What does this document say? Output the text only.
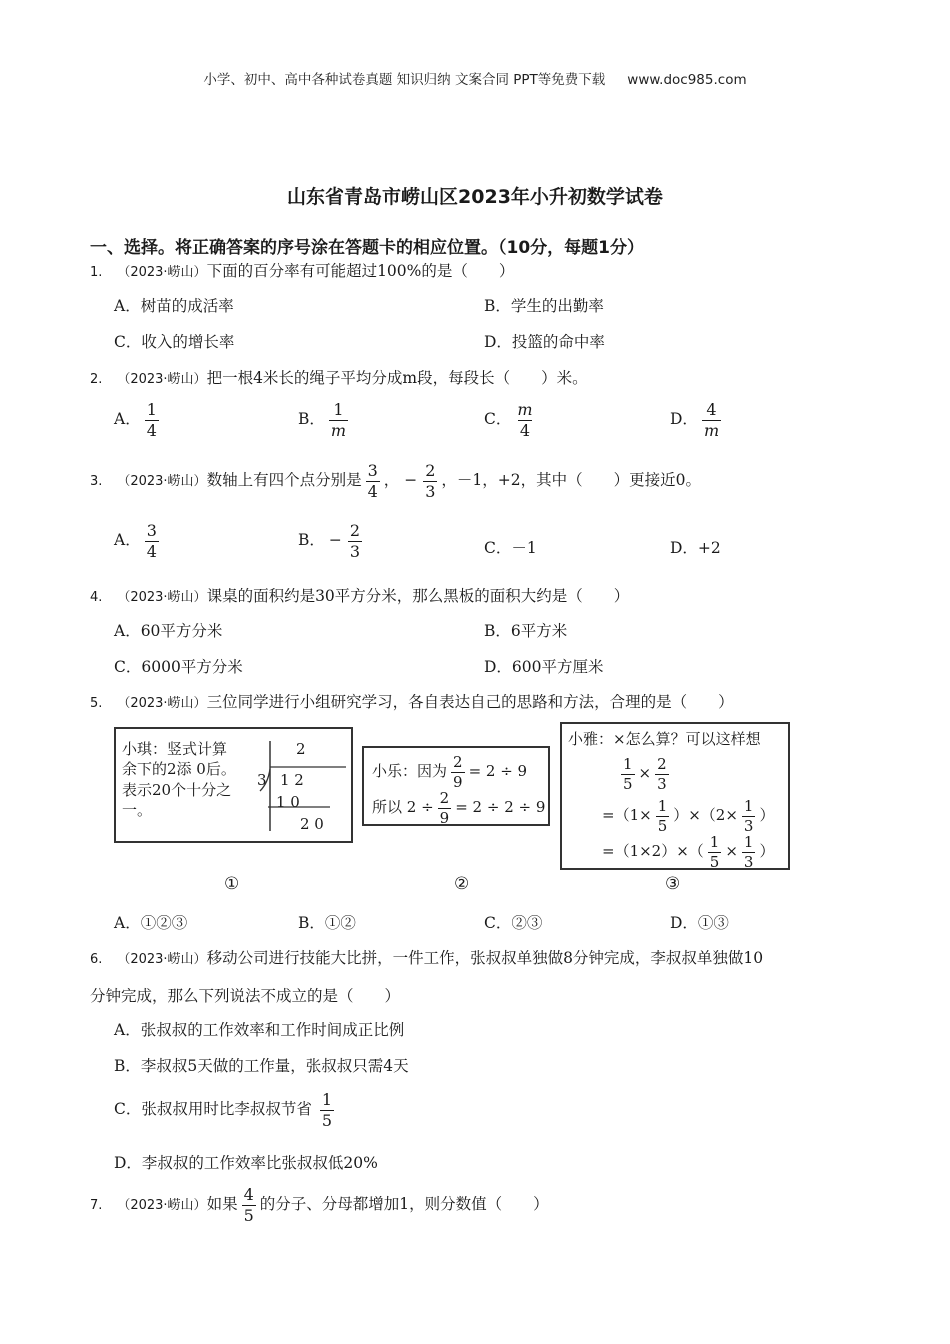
小学、初中、高中各种试卷真题 知识归纳 文案合同 PPT等免费下载 www.doc985.com
山东省青岛市崂山区2023年小升初数学试卷
一、选择。将正确答案的序号涂在答题卡的相应位置。（10分，每题1分）
1. （2023·崂山）下面的百分率有可能超过100%的是（　　）
A．树苗的成活率	B．学生的出勤率
C．收入的增长率	D．投篮的命中率
2. （2023·崂山）把一根4米长的绳子平均分成m段，每段长（　　）米。
A． $\frac{1}{4}$	B． $\frac{1}{m}$	C． $\frac{m}{4}$	D． $\frac{4}{m}$
3. （2023·崂山）数轴上有四个点分别是 $\frac{3}{4}$ ， − $\frac{2}{3}$ ，－1，+2，其中（　　）更接近0。
A． $\frac{3}{4}$	B． − $\frac{2}{3}$	C．－1	D．+2
4. （2023·崂山）课桌的面积约是30平方分米，那么黑板的面积大约是（　　）
A．60平方分米	B．6平方米
C．6000平方分米	D．600平方厘米
5. （2023·崂山）三位同学进行小组研究学习，各自表达自己的思路和方法，合理的是（　　）
小琪：竖式计算
余下的2添 0后。
表示20个十分之
一。
2
3 1 2
1 0
2 0
小乐：因为 $\frac{2}{9} = 2 \div 9$
所以 $2 \div \frac{2}{9} = 2 \div 2 \div 9$
小雅：×怎么算？可以这样想
$\frac{1}{5} \times \frac{2}{3}$
$=(1\times \frac{1}{5} )\times(2\times \frac{1}{3}$ ）
$=(1\times 2)\times( \frac{1}{5} \times \frac{1}{3}$ ）
①	②	③
A．①②③	B．①②	C．②③	D．①③
6. （2023·崂山）移动公司进行技能大比拼，一件工作，张叔叔单独做8分钟完成，李叔叔单独做10
分钟完成，那么下列说法不成立的是（　　）
A．张叔叔的工作效率和工作时间成正比例
B．李叔叔5天做的工作量，张叔叔只需4天
C．张叔叔用时比李叔叔节省 $\frac{1}{5}$
D．李叔叔的工作效率比张叔叔低20%
7. （2023·崂山）如果 $\frac{4}{5}$ 的分子、分母都增加1，则分数值（　　）
